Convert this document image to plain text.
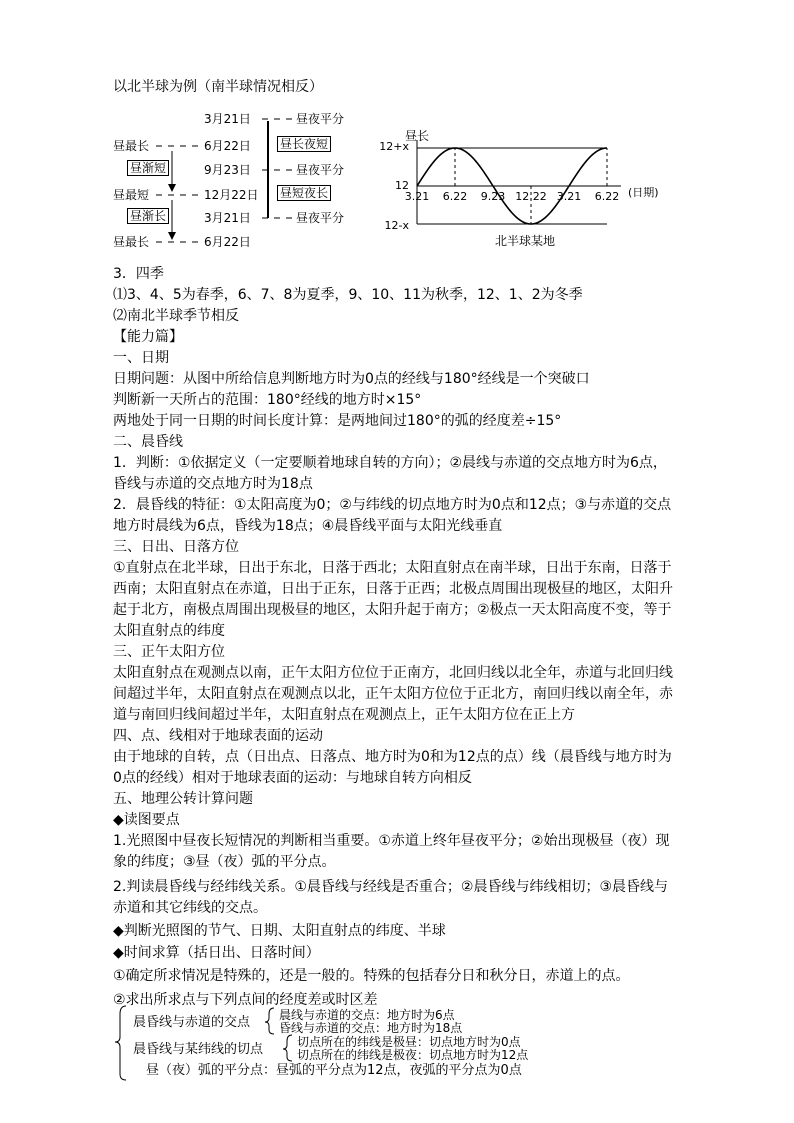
以北半球为例（南半球情况相反）
昼最长
昼最短
昼最长
3月21日
6月22日
9月23日
12月22日
3月21日
6月22日
昼夜平分
昼夜平分
昼夜平分
昼渐短
昼渐长
昼长夜短
昼短夜长
昼长
12+x
12
12-x
3.21 6.22 9.23 12.22 3.21 6.22 (日期)
北半球某地
3．四季
⑴3、4、5为春季，6、7、8为夏季，9、10、11为秋季，12、1、2为冬季
⑵南北半球季节相反
【能力篇】
一、日期
日期问题：从图中所给信息判断地方时为0点的经线与180°经线是一个突破口
判断新一天所占的范围：180°经线的地方时×15°
两地处于同一日期的时间长度计算：是两地间过180°的弧的经度差÷15°
二、晨昏线
1．判断：①依据定义（一定要顺着地球自转的方向）；②晨线与赤道的交点地方时为6点，
昏线与赤道的交点地方时为18点
2．晨昏线的特征：①太阳高度为0；②与纬线的切点地方时为0点和12点；③与赤道的交点
地方时晨线为6点，昏线为18点；④晨昏线平面与太阳光线垂直
三、日出、日落方位
①直射点在北半球，日出于东北，日落于西北；太阳直射点在南半球，日出于东南，日落于
西南；太阳直射点在赤道，日出于正东，日落于正西；北极点周围出现极昼的地区，太阳升
起于北方，南极点周围出现极昼的地区，太阳升起于南方；②极点一天太阳高度不变，等于
太阳直射点的纬度
三、正午太阳方位
太阳直射点在观测点以南，正午太阳方位位于正南方，北回归线以北全年，赤道与北回归线
间超过半年，太阳直射点在观测点以北，正午太阳方位位于正北方，南回归线以南全年，赤
道与南回归线间超过半年，太阳直射点在观测点上，正午太阳方位在正上方
四、点、线相对于地球表面的运动
由于地球的自转，点（日出点、日落点、地方时为0和为12点的点）线（晨昏线与地方时为
0点的经线）相对于地球表面的运动：与地球自转方向相反
五、地理公转计算问题
◆读图要点
1.光照图中昼夜长短情况的判断相当重要。①赤道上终年昼夜平分；②始出现极昼（夜）现
象的纬度；③昼（夜）弧的平分点。
2.判读晨昏线与经纬线关系。①晨昏线与经线是否重合；②晨昏线与纬线相切；③晨昏线与
赤道和其它纬线的交点。
◆判断光照图的节气、日期、太阳直射点的纬度、半球
◆时间求算（括日出、日落时间）
①确定所求情况是特殊的，还是一般的。特殊的包括春分日和秋分日，赤道上的点。
②求出所求点与下列点间的经度差或时区差
晨昏线与赤道的交点 晨线与赤道的交点：地方时为6点
昏线与赤道的交点：地方时为18点
晨昏线与某纬线的切点	切点所在的纬线是极昼：切点地方时为0点
切点所在的纬线是极夜：切点地方时为12点
昼（夜）弧的平分点：昼弧的平分点为12点，夜弧的平分点为0点
